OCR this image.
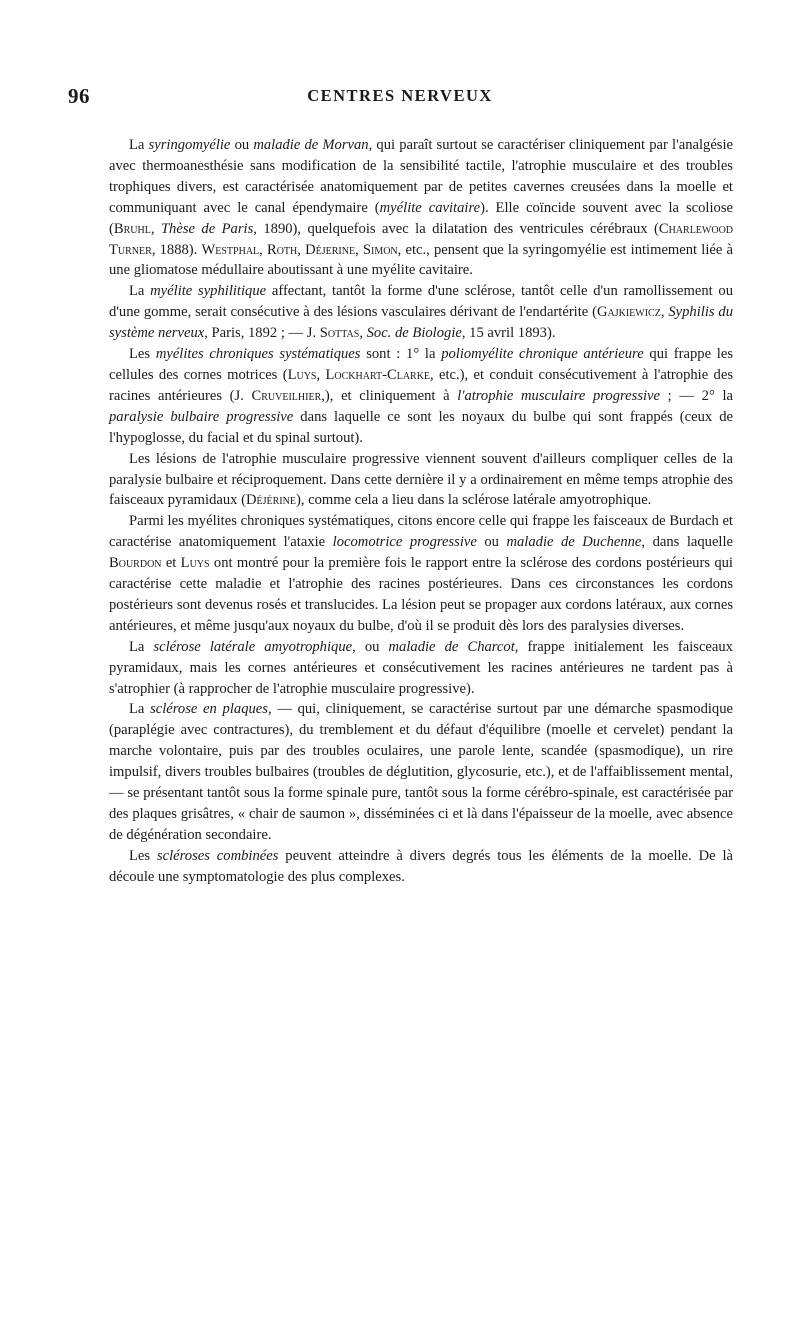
96	CENTRES NERVEUX

La syringomyélie ou maladie de Morvan, qui paraît surtout se caractériser cliniquement par l'analgésie avec thermoanesthésie sans modification de la sensibilité tactile, l'atrophie musculaire et des troubles trophiques divers, est caractérisée anatomiquement par de petites cavernes creusées dans la moelle et communiquant avec le canal épendymaire (myélite cavitaire). Elle coïncide souvent avec la scoliose (Bruhl, Thèse de Paris, 1890), quelquefois avec la dilatation des ventricules cérébraux (Charlewood Turner, 1888). Westphal, Roth, Déjerine, Simon, etc., pensent que la syringomyélie est intimement liée à une gliomatose médullaire aboutissant à une myélite cavitaire.

La myélite syphilitique affectant, tantôt la forme d'une sclérose, tantôt celle d'un ramollissement ou d'une gomme, serait consécutive à des lésions vasculaires dérivant de l'endartérite (Gajkiewicz, Syphilis du système nerveux, Paris, 1892 ; — J. Sottas, Soc. de Biologie, 15 avril 1893).

Les myélites chroniques systématiques sont : 1° la poliomyélite chronique antérieure qui frappe les cellules des cornes motrices (Luys, Lockhart-Clarke, etc.), et conduit consécutivement à l'atrophie des racines antérieures (J. Cruveilhier,), et cliniquement à l'atrophie musculaire progressive ; — 2° la paralysie bulbaire progressive dans laquelle ce sont les noyaux du bulbe qui sont frappés (ceux de l'hypoglosse, du facial et du spinal surtout).

Les lésions de l'atrophie musculaire progressive viennent souvent d'ailleurs compliquer celles de la paralysie bulbaire et réciproquement. Dans cette dernière il y a ordinairement en même temps atrophie des faisceaux pyramidaux (Déjérine), comme cela a lieu dans la sclérose latérale amyotrophique.

Parmi les myélites chroniques systématiques, citons encore celle qui frappe les faisceaux de Burdach et caractérise anatomiquement l'ataxie locomotrice progressive ou maladie de Duchenne, dans laquelle Bourdon et Luys ont montré pour la première fois le rapport entre la sclérose des cordons postérieurs qui caractérise cette maladie et l'atrophie des racines postérieures. Dans ces circonstances les cordons postérieurs sont devenus rosés et translucides. La lésion peut se propager aux cordons latéraux, aux cornes antérieures, et même jusqu'aux noyaux du bulbe, d'où il se produit dès lors des paralysies diverses.

La sclérose latérale amyotrophique, ou maladie de Charcot, frappe initialement les faisceaux pyramidaux, mais les cornes antérieures et consécutivement les racines antérieures ne tardent pas à s'atrophier (à rapprocher de l'atrophie musculaire progressive).

La sclérose en plaques, — qui, cliniquement, se caractérise surtout par une démarche spasmodique (paraplégie avec contractures), du tremblement et du défaut d'équilibre (moelle et cervelet) pendant la marche volontaire, puis par des troubles oculaires, une parole lente, scandée (spasmodique), un rire impulsif, divers troubles bulbaires (troubles de déglutition, glycosurie, etc.), et de l'affaiblissement mental, — se présentant tantôt sous la forme spinale pure, tantôt sous la forme cérébro-spinale, est caractérisée par des plaques grisâtres, « chair de saumon », disséminées ci et là dans l'épaisseur de la moelle, avec absence de dégénération secondaire.

Les scléroses combinées peuvent atteindre à divers degrés tous les éléments de la moelle. De là découle une symptomatologie des plus complexes.
